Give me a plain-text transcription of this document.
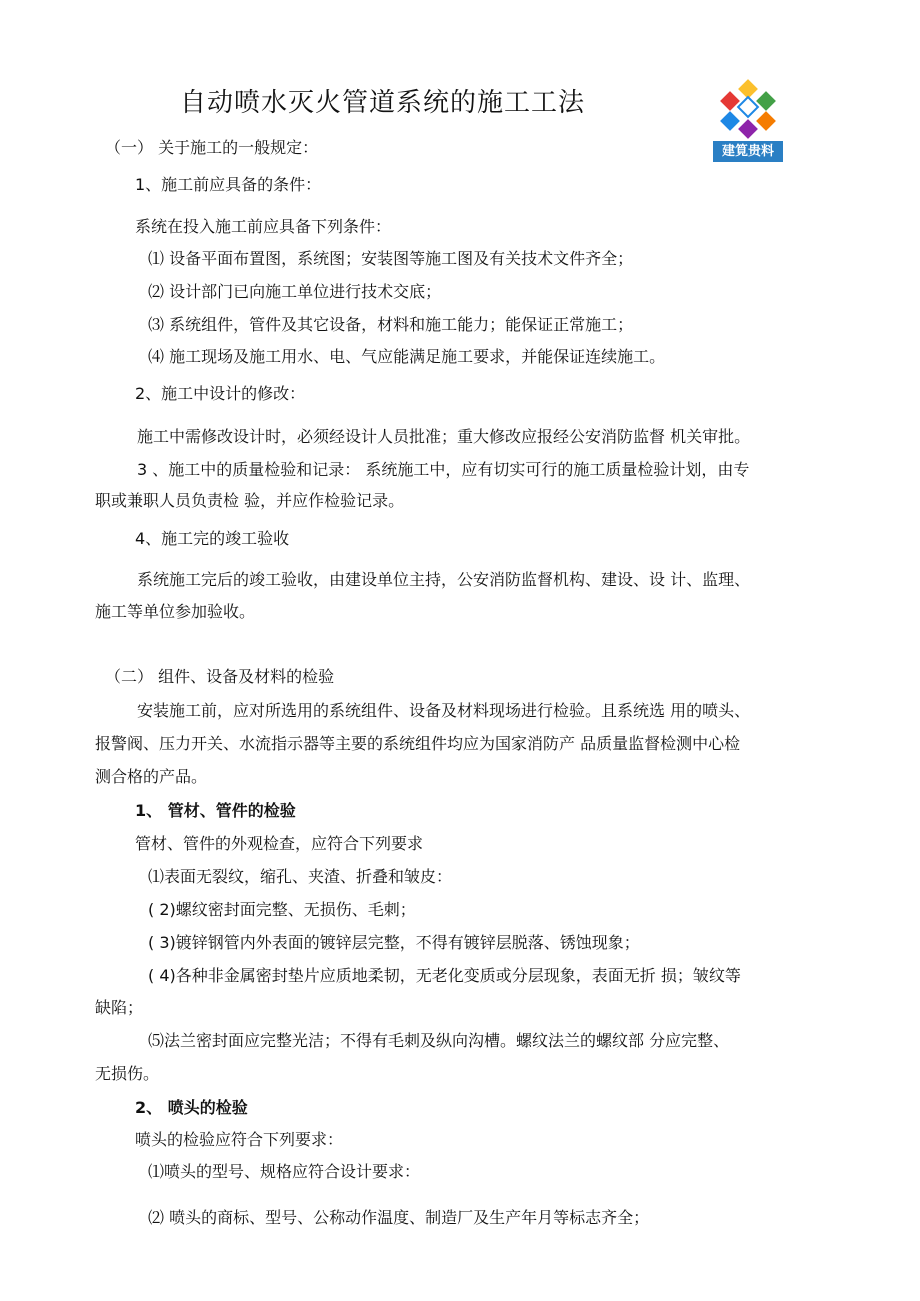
自动喷水灭火管道系统的施工工法
建筧贵料
（一） 关于施工的一般规定：
1、施工前应具备的条件：
系统在投入施工前应具备下列条件：
⑴ 设备平面布置图，系统图；安装图等施工图及有关技术文件齐全；
⑵ 设计部门已向施工单位进行技术交底；
⑶ 系统组件，管件及其它设备，材料和施工能力；能保证正常施工；
⑷ 施工现场及施工用水、电、气应能满足施工要求，并能保证连续施工。
2、施工中设计的修改：
施工中需修改设计时，必须经设计人员批准；重大修改应报经公安消防监督 机关审批。
3 、施工中的质量检验和记录： 系统施工中，应有切实可行的施工质量检验计划，由专
职或兼职人员负责检 验，并应作检验记录。
4、施工完的竣工验收
系统施工完后的竣工验收，由建设单位主持，公安消防监督机构、建设、设 计、监理、
施工等单位参加验收。
（二） 组件、设备及材料的检验
安装施工前，应对所选用的系统组件、设备及材料现场进行检验。且系统选 用的喷头、
报警阀、压力开关、水流指示器等主要的系统组件均应为国家消防产 品质量监督检测中心检
测合格的产品。
1、 管材、管件的检验
管材、管件的外观检查，应符合下列要求
⑴表面无裂纹，缩孔、夹渣、折叠和皱皮：
( 2)螺纹密封面完整、无损伤、毛刺；
( 3)镀锌钢管内外表面的镀锌层完整，不得有镀锌层脱落、锈蚀现象；
( 4)各种非金属密封垫片应质地柔韧，无老化变质或分层现象，表面无折 损；皱纹等
缺陷；
⑸法兰密封面应完整光洁；不得有毛刺及纵向沟槽。螺纹法兰的螺纹部 分应完整、
无损伤。
2、 喷头的检验
喷头的检验应符合下列要求：
⑴喷头的型号、规格应符合设计要求：
⑵ 喷头的商标、型号、公称动作温度、制造厂及生产年月等标志齐全；
